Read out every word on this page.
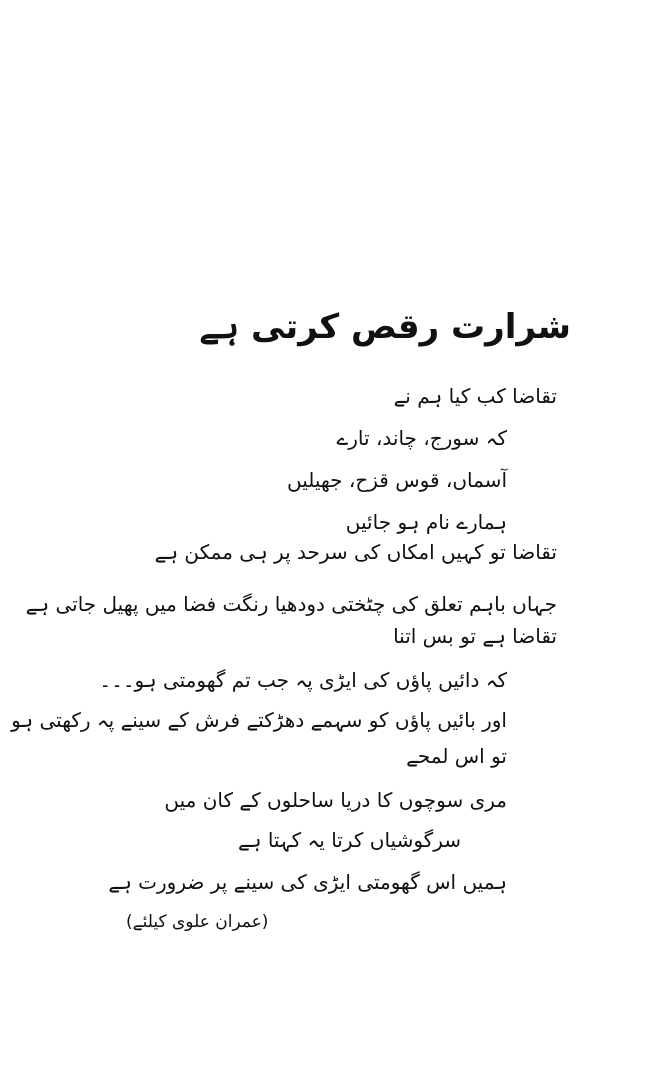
شرارت رقص کرتی ہے
تقاضا کب کیا ہم نے
کہ سورج، چاند، تارے
آسماں، قوس قزح، جھیلیں
ہمارے نام ہو جائیں
تقاضا تو کہیں امکاں کی سرحد پر ہی ممکن ہے
جہاں باہم تعلق کی چٹختی دودھیا رنگت فضا میں پھیل جاتی ہے
تقاضا ہے تو بس اتنا
کہ دائیں پاؤں کی ایڑی پہ جب تم گھومتی ہو۔۔۔
اور بائیں پاؤں کو سہمے دھڑکتے فرش کے سینے پہ رکھتی ہو
تو اس لمحے
مری سوچوں کا دریا ساحلوں کے کان میں
سرگوشیاں کرتا یہ کہتا ہے
ہمیں اس گھومتی ایڑی کی سینے پر ضرورت ہے
(عمران علوی کیلئے)
